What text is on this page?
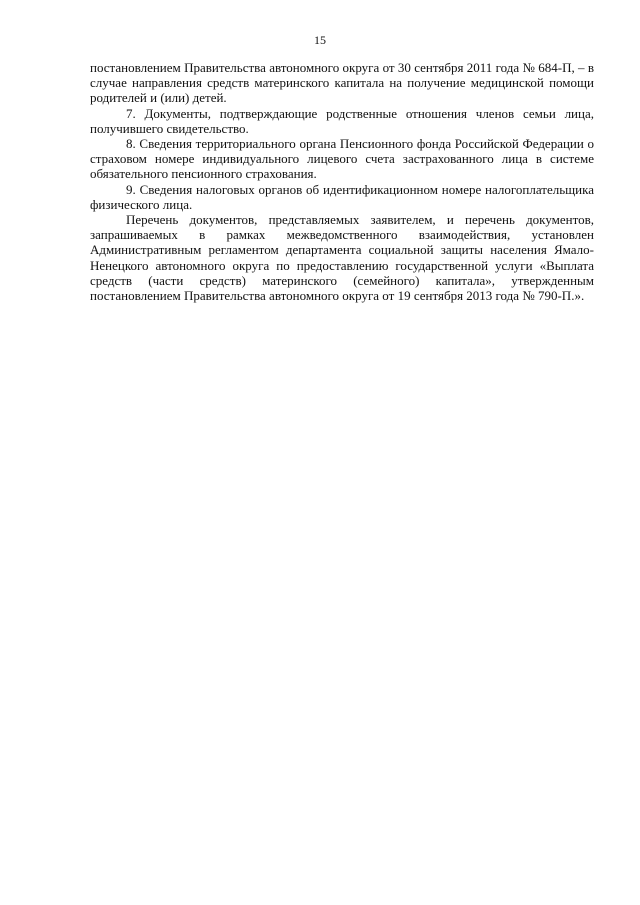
15

постановлением Правительства автономного округа от 30 сентября 2011 года № 684-П, – в случае направления средств материнского капитала на получение медицинской помощи родителей и (или) детей.

7. Документы, подтверждающие родственные отношения членов семьи лица, получившего свидетельство.

8. Сведения территориального органа Пенсионного фонда Российской Федерации о страховом номере индивидуального лицевого счета застрахованного лица в системе обязательного пенсионного страхования.

9. Сведения налоговых органов об идентификационном номере налогоплательщика физического лица.

Перечень документов, представляемых заявителем, и перечень документов, запрашиваемых в рамках межведомственного взаимодействия, установлен Административным регламентом департамента социальной защиты населения Ямало-Ненецкого автономного округа по предоставлению государственной услуги «Выплата средств (части средств) материнского (семейного) капитала», утвержденным постановлением Правительства автономного округа от 19 сентября 2013 года № 790-П.».
